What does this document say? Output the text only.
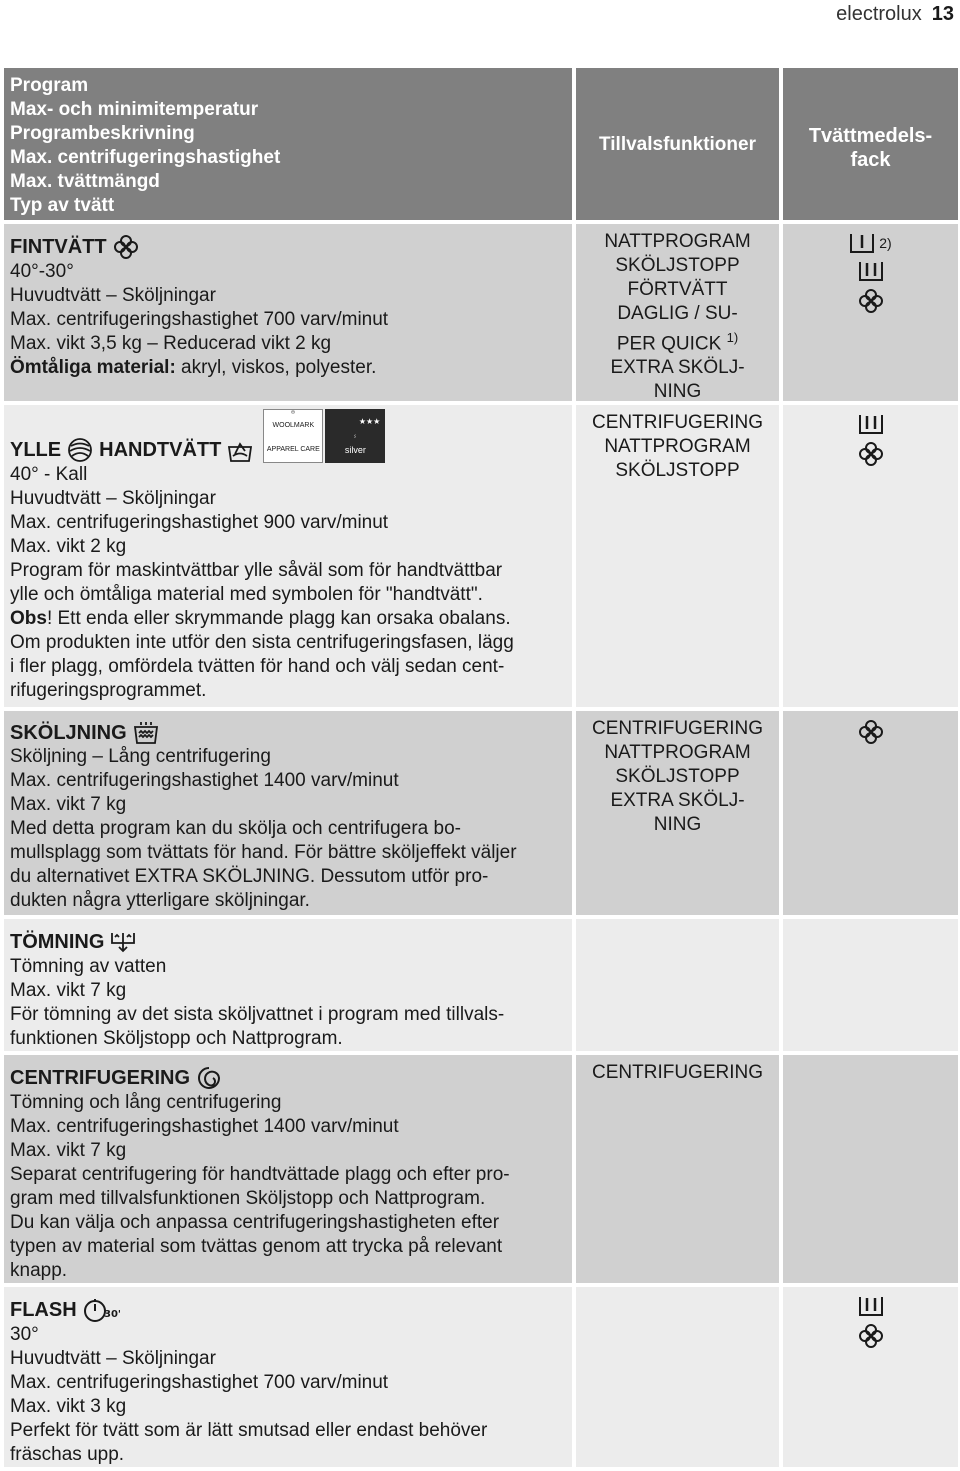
electrolux 13
Program
Max- och minimitemperatur
Programbeskrivning
Max. centrifugeringshastighet
Max. tvättmängd
Typ av tvätt
Tillvalsfunktioner	Tvättmedels-
fack
FINTVÄTT
40°-30°
Huvudtvätt – Sköljningar
Max. centrifugeringshastighet 700 varv/minut
Max. vikt 3,5 kg – Reducerad vikt 2 kg
Ömtåliga material: akryl, viskos, polyester.
NATTPROGRAM
SKÖLJSTOPP
FÖRTVÄTT
DAGLIG / SU-
PER QUICK $^{1)}$
EXTRA SKÖLJ-
NING
2)
YLLE HANDTVÄTT
WOOLMARK
APPAREL CARE
★★★
silver
40° - Kall
Huvudtvätt – Sköljningar
Max. centrifugeringshastighet 900 varv/minut
Max. vikt 2 kg
Program för maskintvättbar ylle såväl som för handtvättbar
ylle och ömtåliga material med symbolen för "handtvätt".
Obs! Ett enda eller skrymmande plagg kan orsaka obalans.
Om produkten inte utför den sista centrifugeringsfasen, lägg
i fler plagg, omfördela tvätten för hand och välj sedan cent-
rifugeringsprogrammet.
CENTRIFUGERING
NATTPROGRAM
SKÖLJSTOPP
SKÖLJNING
Sköljning – Lång centrifugering
Max. centrifugeringshastighet 1400 varv/minut
Max. vikt 7 kg
Med detta program kan du skölja och centrifugera bo-
mullsplagg som tvättats för hand. För bättre sköljeffekt väljer
du alternativet EXTRA SKÖLJNING. Dessutom utför pro-
dukten några ytterligare sköljningar.
CENTRIFUGERING
NATTPROGRAM
SKÖLJSTOPP
EXTRA SKÖLJ-
NING
TÖMNING
Tömning av vatten
Max. vikt 7 kg
För tömning av det sista sköljvattnet i program med tillvals-
funktionen Sköljstopp och Nattprogram.
CENTRIFUGERING
Tömning och lång centrifugering
Max. centrifugeringshastighet 1400 varv/minut
Max. vikt 7 kg
Separat centrifugering för handtvättade plagg och efter pro-
gram med tillvalsfunktionen Sköljstopp och Nattprogram.
Du kan välja och anpassa centrifugeringshastigheten efter
typen av material som tvättas genom att trycka på relevant
knapp.
CENTRIFUGERING
FLASH	30'
30°
Huvudtvätt – Sköljningar
Max. centrifugeringshastighet 700 varv/minut
Max. vikt 3 kg
Perfekt för tvätt som är lätt smutsad eller endast behöver
fräschas upp.
